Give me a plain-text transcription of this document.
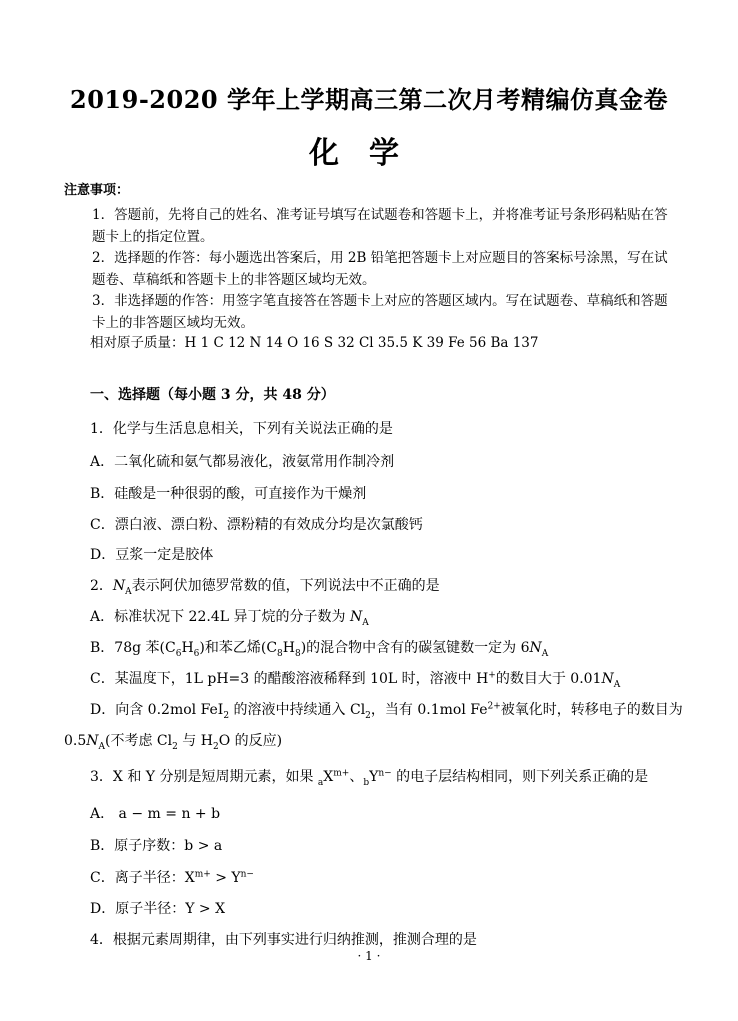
2019-2020 学年上学期高三第二次月考精编仿真金卷
化学
注意事项：
1．答题前，先将自己的姓名、准考证号填写在试题卷和答题卡上，并将准考证号条形码粘贴在答题卡上的指定位置。
2．选择题的作答：每小题选出答案后，用 2B 铅笔把答题卡上对应题目的答案标号涂黑，写在试题卷、草稿纸和答题卡上的非答题区域均无效。
3．非选择题的作答：用签字笔直接答在答题卡上对应的答题区域内。写在试题卷、草稿纸和答题卡上的非答题区域均无效。
相对原子质量：H 1 C 12 N 14 O 16 S 32 Cl 35.5 K 39 Fe 56 Ba 137
一、选择题（每小题 3 分，共 48 分）
1．化学与生活息息相关，下列有关说法正确的是
A．二氧化硫和氨气都易液化，液氨常用作制冷剂
B．硅酸是一种很弱的酸，可直接作为干燥剂
C．漂白液、漂白粉、漂粉精的有效成分均是次氯酸钙
D．豆浆一定是胶体
2．$N_A$表示阿伏加德罗常数的值，下列说法中不正确的是
A．标准状况下 22.4L 异丁烷的分子数为 $N_A$
B．78g 苯$(C_6H_6)$和苯乙烯$(C_8H_8)$的混合物中含有的碳氢键数一定为 $6N_A$
C．某温度下，1L pH=3 的醋酸溶液稀释到 10L 时，溶液中 H+的数目大于 $0.01N_A$
D．向含 0.2mol FeI$_2$ 的溶液中持续通入 $Cl_2$，当有 0.1mol $Fe^{2+}$被氧化时，转移电子的数目为
$0.5N_A$(不考虑 $Cl_2$ 与 $H_2O$ 的反应)
3．X 和 Y 分别是短周期元素，如果 $_aX^{m+}$、$_bY^{n-}$ 的电子层结构相同，则下列关系正确的是
A． a − m = n + b
B．原子序数：b > a
C．离子半径：$X^{m+} > Y^{n-}$
D．原子半径：Y > X
4．根据元素周期律，由下列事实进行归纳推测，推测合理的是
· 1 ·
